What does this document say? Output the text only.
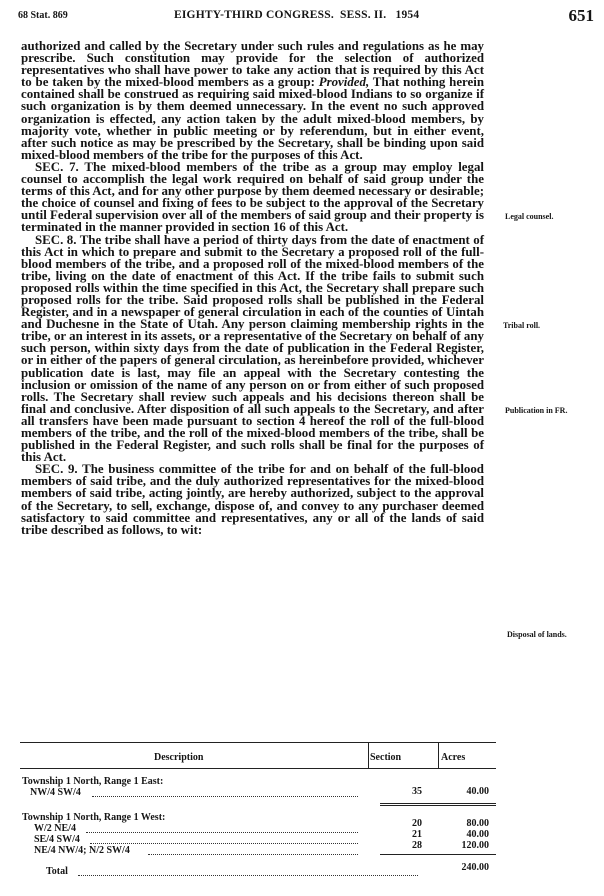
68 Stat. 869	EIGHTY-THIRD CONGRESS.  SESS. II.   1954	651

authorized and called by the Secretary under such rules and regulations as he may prescribe. Such constitution may provide for the selection of authorized representatives who shall have power to take any action that is required by this Act to be taken by the mixed-blood members as a group: Provided, That nothing herein contained shall be construed as requiring said mixed-blood Indians to so organize if such organization is by them deemed unnecessary. In the event no such approved organization is effected, any action taken by the adult mixed-blood members, by majority vote, whether in public meeting or by referendum, but in either event, after such notice as may be prescribed by the Secretary, shall be binding upon said mixed-blood members of the tribe for the purposes of this Act.

SEC. 7. The mixed-blood members of the tribe as a group may employ legal counsel to accomplish the legal work required on behalf of said group under the terms of this Act, and for any other purpose by them deemed necessary or desirable; the choice of counsel and fixing of fees to be subject to the approval of the Secretary until Federal supervision over all of the members of said group and their property is terminated in the manner provided in section 16 of this Act.

SEC. 8. The tribe shall have a period of thirty days from the date of enactment of this Act in which to prepare and submit to the Secretary a proposed roll of the full-blood members of the tribe, and a proposed roll of the mixed-blood members of the tribe, living on the date of enactment of this Act. If the tribe fails to submit such proposed rolls within the time specified in this Act, the Secretary shall prepare such proposed rolls for the tribe. Said proposed rolls shall be published in the Federal Register, and in a newspaper of general circulation in each of the counties of Uintah and Duchesne in the State of Utah. Any person claiming membership rights in the tribe, or an interest in its assets, or a representative of the Secretary on behalf of any such person, within sixty days from the date of publication in the Federal Register, or in either of the papers of general circulation, as hereinbefore provided, whichever publication date is last, may file an appeal with the Secretary contesting the inclusion or omission of the name of any person on or from either of such proposed rolls. The Secretary shall review such appeals and his decisions thereon shall be final and conclusive. After disposition of all such appeals to the Secretary, and after all transfers have been made pursuant to section 4 hereof the roll of the full-blood members of the tribe, and the roll of the mixed-blood members of the tribe, shall be published in the Federal Register, and such rolls shall be final for the purposes of this Act.

SEC. 9. The business committee of the tribe for and on behalf of the full-blood members of said tribe, and the duly authorized representatives for the mixed-blood members of said tribe, acting jointly, are hereby authorized, subject to the approval of the Secretary, to sell, exchange, dispose of, and convey to any purchaser deemed satisfactory to said committee and representatives, any or all of the lands of said tribe described as follows, to wit:

Legal counsel.
Tribal roll.
Publication in FR.
Disposal of lands.
Description	Section	Acres
Township 1 North, Range 1 East:
NW/4 SW/4	35	40.00
Township 1 North, Range 1 West:
W/2 NE/4	20	80.00
SE/4 SW/4	21	40.00
NE/4 NW/4; N/2 SW/4	28	120.00
Total	240.00
